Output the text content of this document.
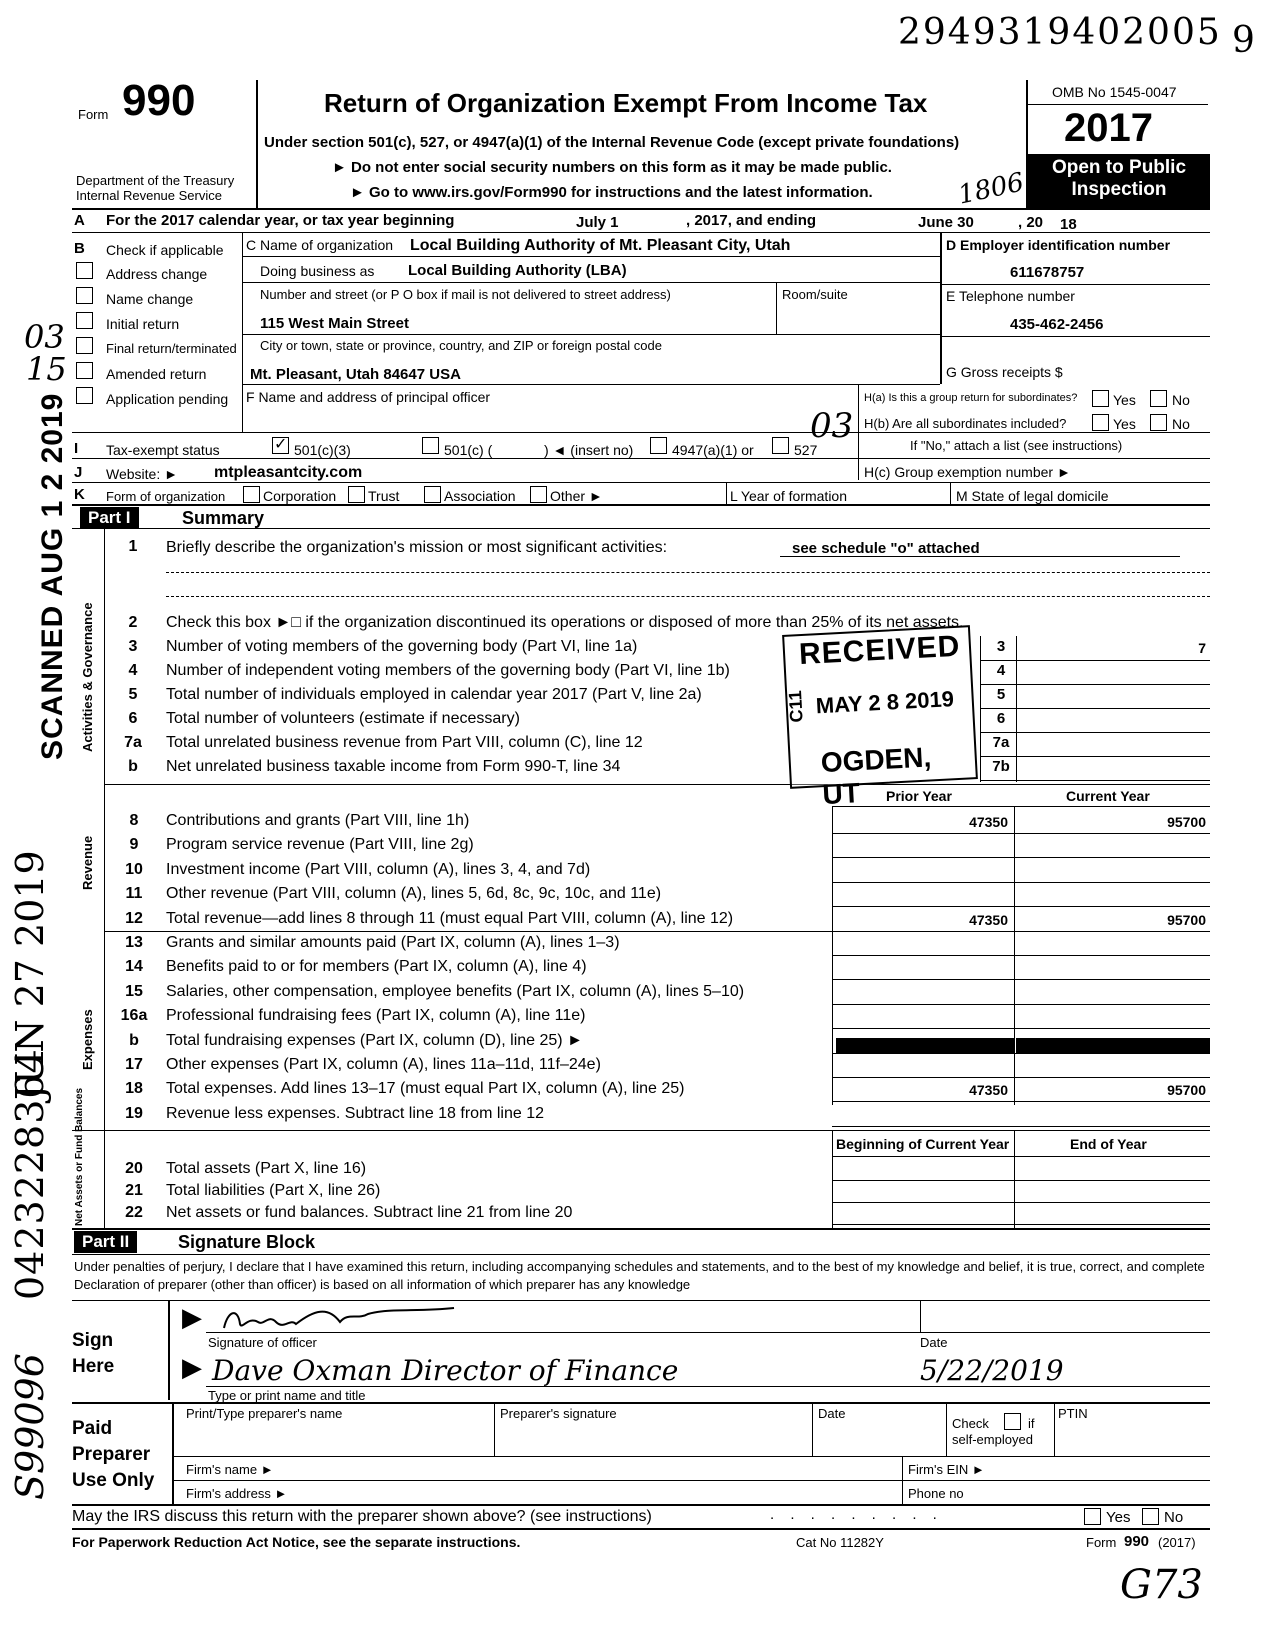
2949319402005 9
Form 990
Department of the Treasury
Internal Revenue Service
Return of Organization Exempt From Income Tax
Under section 501(c), 527, or 4947(a)(1) of the Internal Revenue Code (except private foundations)
► Do not enter social security numbers on this form as it may be made public.
► Go to www.irs.gov/Form990 for instructions and the latest information.	1806
OMB No 1545-0047
2017
Open to Public
Inspection
A For the 2017 calendar year, or tax year beginning	July 1	, 2017, and ending	June 30	, 20 18
B Check if applicable
Address change
Name change
Initial return
Final return/terminated
Amended return
Application pending
03
15
C Name of organization Local Building Authority of Mt. Pleasant City, Utah
Doing business as Local Building Authority (LBA)
Number and street (or P O box if mail is not delivered to street address)	Room/suite
115 West Main Street
City or town, state or province, country, and ZIP or foreign postal code
Mt. Pleasant, Utah 84647 USA
F Name and address of principal officer
D Employer identification number
611678757
E Telephone number
435-462-2456
G Gross receipts $
H(a) Is this a group return for subordinates?	Yes	No
H(b) Are all subordinates included?	Yes	No
If "No," attach a list (see instructions)
H(c) Group exemption number ►
I Tax-exempt status	✓ 501(c)(3)	501(c) (	) ◄ (insert no)	4947(a)(1) or	527
03
J Website: ► mtpleasantcity.com
K Form of organization	Corporation Trust	Association Other ►	L Year of formation	M State of legal domicile
Part I	Summary
Activities & Governance
Revenue
Expenses
Net Assets or Fund Balances
1	Briefly describe the organization's mission or most significant activities:	see schedule "o" attached
2	Check this box ►□ if the organization discontinued its operations or disposed of more than 25% of its net assets.
3	Number of voting members of the governing body (Part VI, line 1a)	3	7
4	Number of independent voting members of the governing body (Part VI, line 1b)	4
5	Total number of individuals employed in calendar year 2017 (Part V, line 2a)	5
6	Total number of volunteers (estimate if necessary)	6
7a	Total unrelated business revenue from Part VIII, column (C), line 12	7a
b	Net unrelated business taxable income from Form 990-T, line 34	7b
Prior Year	Current Year
8	Contributions and grants (Part VIII, line 1h)	47350	95700
9	Program service revenue (Part VIII, line 2g)
10	Investment income (Part VIII, column (A), lines 3, 4, and 7d)
11	Other revenue (Part VIII, column (A), lines 5, 6d, 8c, 9c, 10c, and 11e)
12	Total revenue—add lines 8 through 11 (must equal Part VIII, column (A), line 12)	47350	95700
13	Grants and similar amounts paid (Part IX, column (A), lines 1–3)
14	Benefits paid to or for members (Part IX, column (A), line 4)
15	Salaries, other compensation, employee benefits (Part IX, column (A), lines 5–10)
16a	Professional fundraising fees (Part IX, column (A), line 11e)
b	Total fundraising expenses (Part IX, column (D), line 25) ►
17	Other expenses (Part IX, column (A), lines 11a–11d, 11f–24e)
18	Total expenses. Add lines 13–17 (must equal Part IX, column (A), line 25)	47350	95700
19	Revenue less expenses. Subtract line 18 from line 12
Beginning of Current Year	End of Year
20	Total assets (Part X, line 16)
21	Total liabilities (Part X, line 26)
22	Net assets or fund balances. Subtract line 21 from line 20
Part II	Signature Block
Under penalties of perjury, I declare that I have examined this return, including accompanying schedules and statements, and to the best of my knowledge and belief, it is true, correct, and complete Declaration of preparer (other than officer) is based on all information of which preparer has any knowledge
Sign
Here
▶
▶
Signature of officer	Date
Dave Oxman Director of Finance	5/22/2019
Type or print name and title
Paid
Preparer
Use Only
Print/Type preparer's name	Preparer's signature	Date
Check	if
self-employed
PTIN
Firm's name ►	Firm's EIN ►
Firm's address ►	Phone no
May the IRS discuss this return with the preparer shown above? (see instructions)	. . . . . . . . .	Yes No
For Paperwork Reduction Act Notice, see the separate instructions.	Cat No 11282Y	Form 990 (2017)
G73
RECEIVED
MAY 2 8 2019
OGDEN, UT
C11
SCANNED AUG 1 2 2019
JUN 27 2019
0423228364
S99096
